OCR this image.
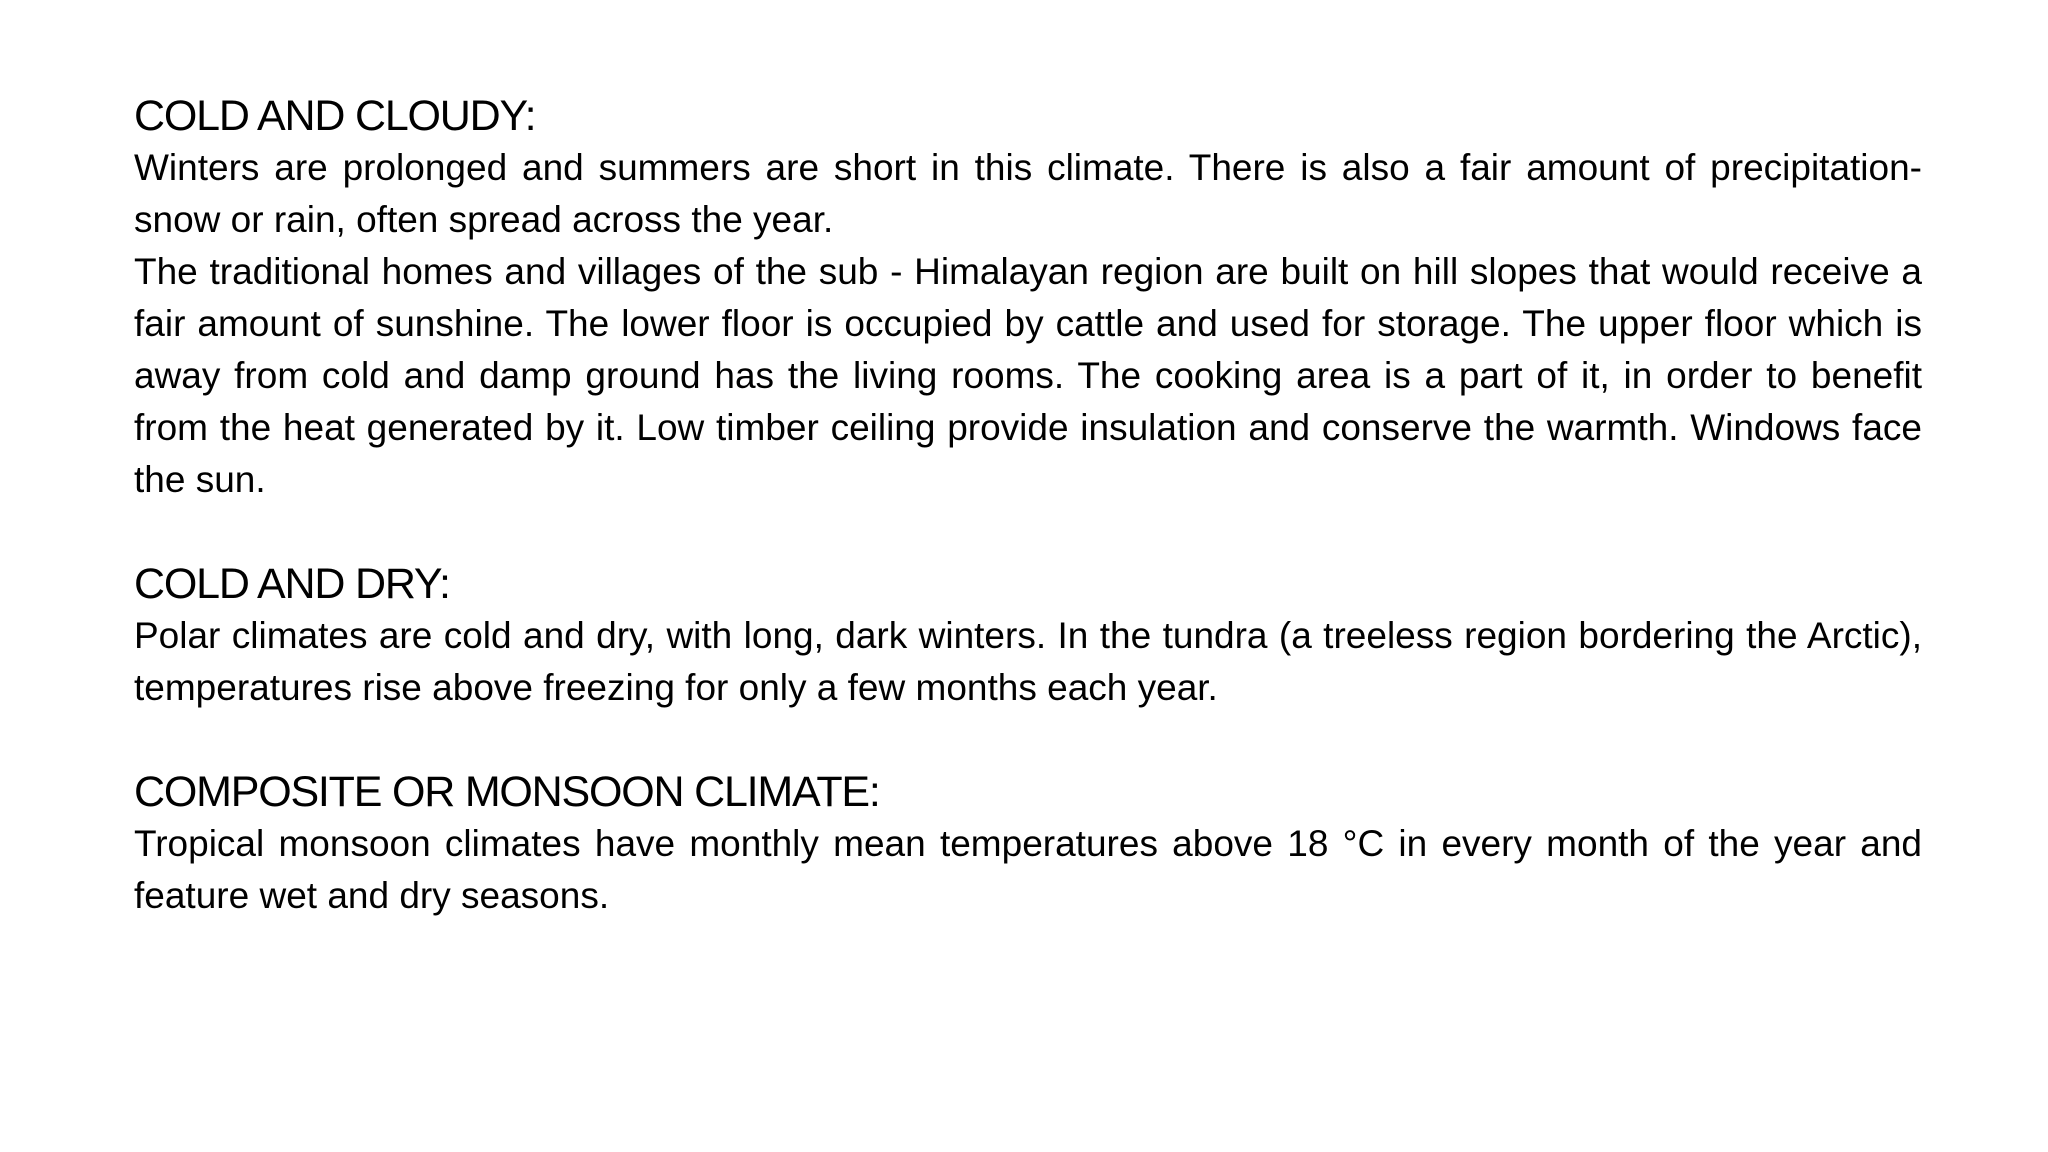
COLD AND CLOUDY:

Winters are prolonged and summers are short in this climate. There is also a fair amount of precipitation- snow or rain, often spread across the year.

The traditional homes and villages of the sub - Himalayan region are built on hill slopes that would receive a fair amount of sunshine. The lower floor is occupied by cattle and used for storage. The upper floor which is away from cold and damp ground has the living rooms. The cooking area is a part of it, in order to benefit from the heat generated by it. Low timber ceiling provide insulation and conserve the warmth. Windows face the sun.

COLD AND DRY:

Polar climates are cold and dry, with long, dark winters. In the tundra (a treeless region bordering the Arctic), temperatures rise above freezing for only a few months each year.

COMPOSITE OR MONSOON CLIMATE:

Tropical monsoon climates have monthly mean temperatures above 18 °C in every month of the year and feature wet and dry seasons.
